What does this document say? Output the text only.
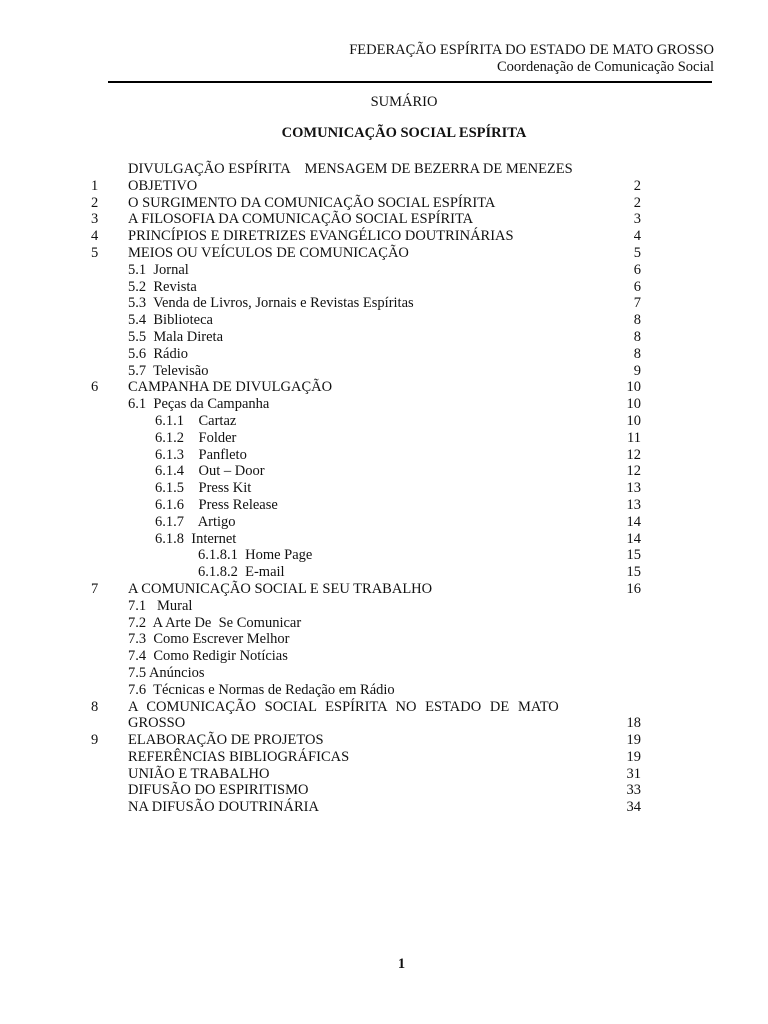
FEDERAÇÃO ESPÍRITA DO ESTADO DE MATO GROSSO
Coordenação de Comunicação Social
SUMÁRIO
COMUNICAÇÃO SOCIAL ESPÍRITA
DIVULGAÇÃO ESPÍRITA    MENSAGEM DE BEZERRA DE MENEZES
1 OBJETIVO	2
2 O SURGIMENTO DA COMUNICAÇÃO SOCIAL ESPÍRITA	2
3 A FILOSOFIA DA COMUNICAÇÃO SOCIAL ESPÍRITA	3
4 PRINCÍPIOS E DIRETRIZES EVANGÉLICO DOUTRINÁRIAS	4
5 MEIOS OU VEÍCULOS DE COMUNICAÇÃO	5
5.1  Jornal	6
5.2  Revista	6
5.3  Venda de Livros, Jornais e Revistas Espíritas	7
5.4  Biblioteca	8
5.5  Mala Direta	8
5.6  Rádio	8
5.7  Televisão	9
6 CAMPANHA DE DIVULGAÇÃO	10
6.1  Peças da Campanha	10
6.1.1    Cartaz	10
6.1.2    Folder	11
6.1.3    Panfleto	12
6.1.4    Out – Door	12
6.1.5    Press Kit	13
6.1.6    Press Release	13
6.1.7    Artigo	14
6.1.8  Internet	14
6.1.8.1  Home Page	15
6.1.8.2  E-mail	15
7 A COMUNICAÇÃO SOCIAL E SEU TRABALHO	16
7.1   Mural
7.2  A Arte De  Se Comunicar
7.3  Como Escrever Melhor
7.4  Como Redigir Notícias
7.5 Anúncios
7.6  Técnicas e Normas de Redação em Rádio
8 A COMUNICAÇÃO SOCIAL ESPÍRITA NO ESTADO DE MATO
GROSSO	18
9 ELABORAÇÃO DE PROJETOS	19
REFERÊNCIAS BIBLIOGRÁFICAS	19
UNIÃO E TRABALHO	31
DIFUSÃO DO ESPIRITISMO	33
NA DIFUSÃO DOUTRINÁRIA	34
1
